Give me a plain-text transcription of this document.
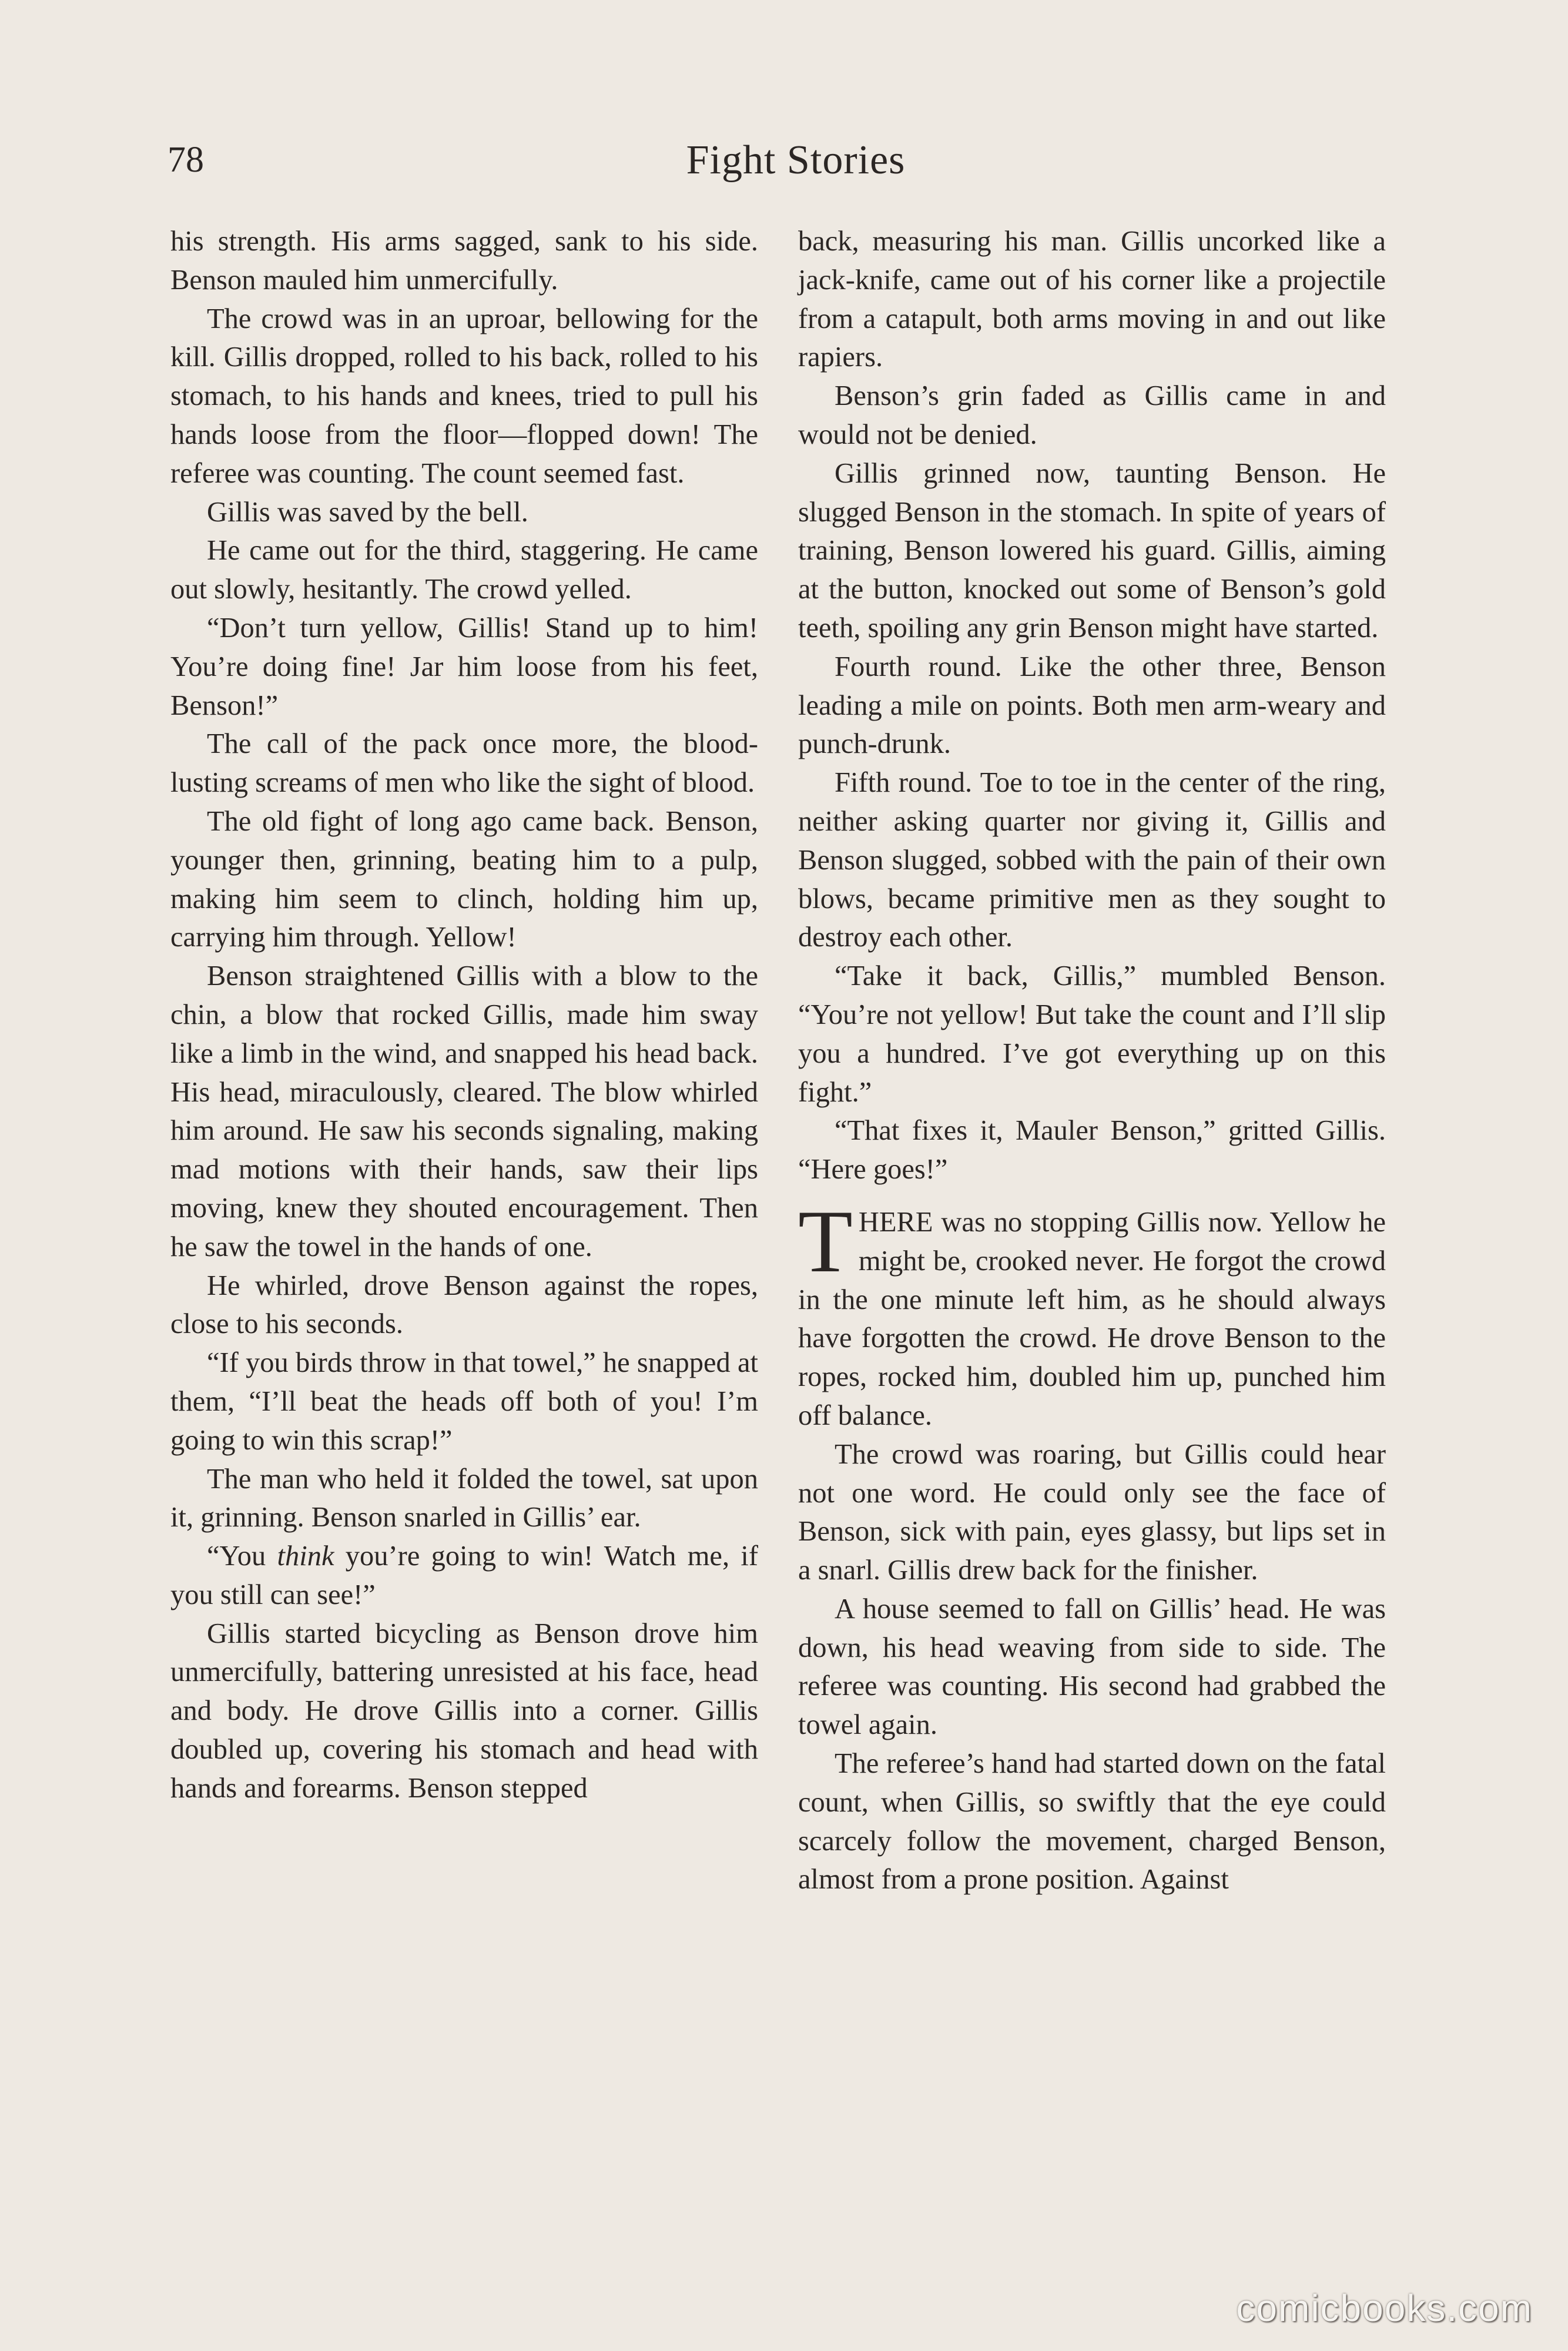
78	Fight Stories

his strength. His arms sagged, sank to his side. Benson mauled him unmercifully.

The crowd was in an uproar, bellowing for the kill. Gillis dropped, rolled to his back, rolled to his stomach, to his hands and knees, tried to pull his hands loose from the floor—flopped down! The referee was counting. The count seemed fast.

Gillis was saved by the bell.

He came out for the third, staggering. He came out slowly, hesitantly. The crowd yelled.

“Don’t turn yellow, Gillis! Stand up to him! You’re doing fine! Jar him loose from his feet, Benson!”

The call of the pack once more, the blood-lusting screams of men who like the sight of blood.

The old fight of long ago came back. Benson, younger then, grinning, beating him to a pulp, making him seem to clinch, holding him up, carrying him through. Yellow!

Benson straightened Gillis with a blow to the chin, a blow that rocked Gillis, made him sway like a limb in the wind, and snapped his head back. His head, miraculously, cleared. The blow whirled him around. He saw his seconds signaling, making mad motions with their hands, saw their lips moving, knew they shouted encouragement. Then he saw the towel in the hands of one.

He whirled, drove Benson against the ropes, close to his seconds.

“If you birds throw in that towel,” he snapped at them, “I’ll beat the heads off both of you! I’m going to win this scrap!”

The man who held it folded the towel, sat upon it, grinning. Benson snarled in Gillis’ ear.

“You think you’re going to win! Watch me, if you still can see!”

Gillis started bicycling as Benson drove him unmercifully, battering unresisted at his face, head and body. He drove Gillis into a corner. Gillis doubled up, covering his stomach and head with hands and forearms. Benson stepped

back, measuring his man. Gillis uncorked like a jack-knife, came out of his corner like a projectile from a catapult, both arms moving in and out like rapiers.

Benson’s grin faded as Gillis came in and would not be denied.

Gillis grinned now, taunting Benson. He slugged Benson in the stomach. In spite of years of training, Benson lowered his guard. Gillis, aiming at the button, knocked out some of Benson’s gold teeth, spoiling any grin Benson might have started.

Fourth round. Like the other three, Benson leading a mile on points. Both men arm-weary and punch-drunk.

Fifth round. Toe to toe in the center of the ring, neither asking quarter nor giving it, Gillis and Benson slugged, sobbed with the pain of their own blows, became primitive men as they sought to destroy each other.

“Take it back, Gillis,” mumbled Benson. “You’re not yellow! But take the count and I’ll slip you a hundred. I’ve got everything up on this fight.”

“That fixes it, Mauler Benson,” gritted Gillis. “Here goes!”

THERE was no stopping Gillis now. Yellow he might be, crooked never. He forgot the crowd in the one minute left him, as he should always have forgotten the crowd. He drove Benson to the ropes, rocked him, doubled him up, punched him off balance.

The crowd was roaring, but Gillis could hear not one word. He could only see the face of Benson, sick with pain, eyes glassy, but lips set in a snarl. Gillis drew back for the finisher.

A house seemed to fall on Gillis’ head. He was down, his head weaving from side to side. The referee was counting. His second had grabbed the towel again.

The referee’s hand had started down on the fatal count, when Gillis, so swiftly that the eye could scarcely follow the movement, charged Benson, almost from a prone position. Against

comicbooks.com
